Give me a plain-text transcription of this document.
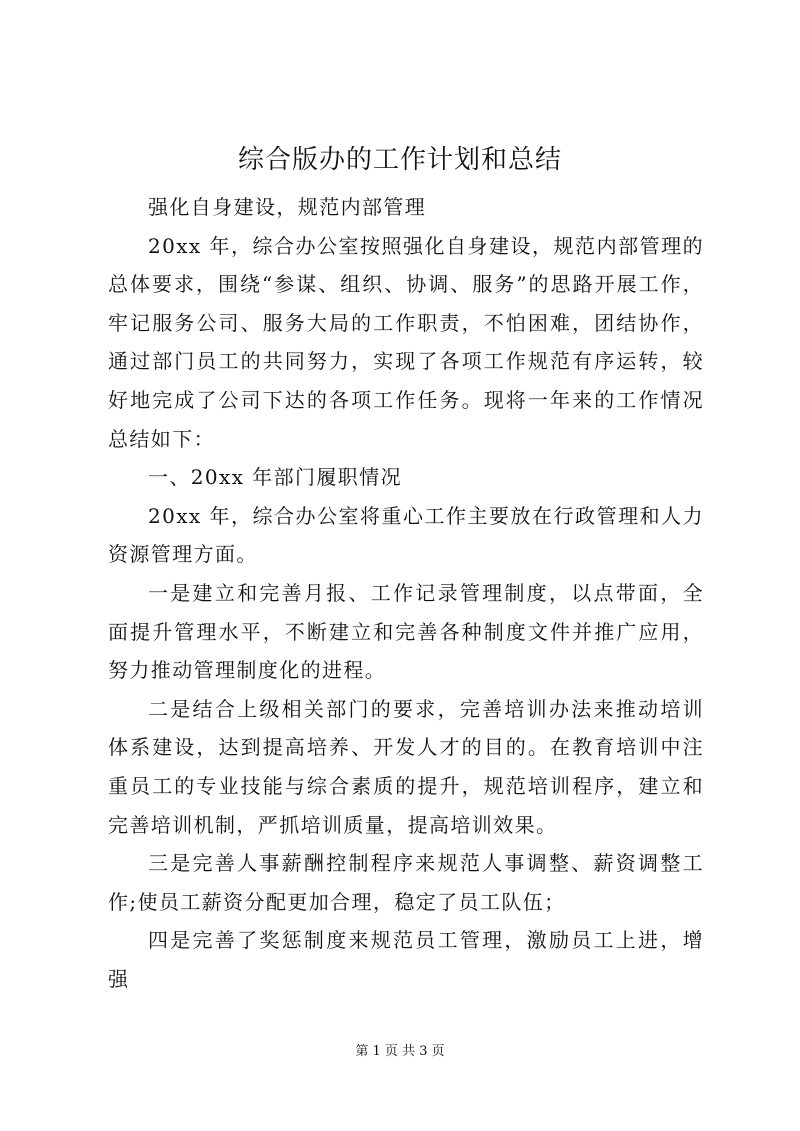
综合版办的工作计划和总结

强化自身建设，规范内部管理

20xx 年，综合办公室按照强化自身建设，规范内部管理的总体要求，围绕“参谋、组织、协调、服务”的思路开展工作，牢记服务公司、服务大局的工作职责，不怕困难，团结协作，通过部门员工的共同努力，实现了各项工作规范有序运转，较好地完成了公司下达的各项工作任务。现将一年来的工作情况总结如下：

一、20xx 年部门履职情况

20xx 年，综合办公室将重心工作主要放在行政管理和人力资源管理方面。

一是建立和完善月报、工作记录管理制度，以点带面，全面提升管理水平，不断建立和完善各种制度文件并推广应用，努力推动管理制度化的进程。

二是结合上级相关部门的要求，完善培训办法来推动培训体系建设，达到提高培养、开发人才的目的。在教育培训中注重员工的专业技能与综合素质的提升，规范培训程序，建立和完善培训机制，严抓培训质量，提高培训效果。

三是完善人事薪酬控制程序来规范人事调整、薪资调整工作;使员工薪资分配更加合理，稳定了员工队伍；

四是完善了奖惩制度来规范员工管理，激励员工上进，增强

第 1 页 共 3 页
